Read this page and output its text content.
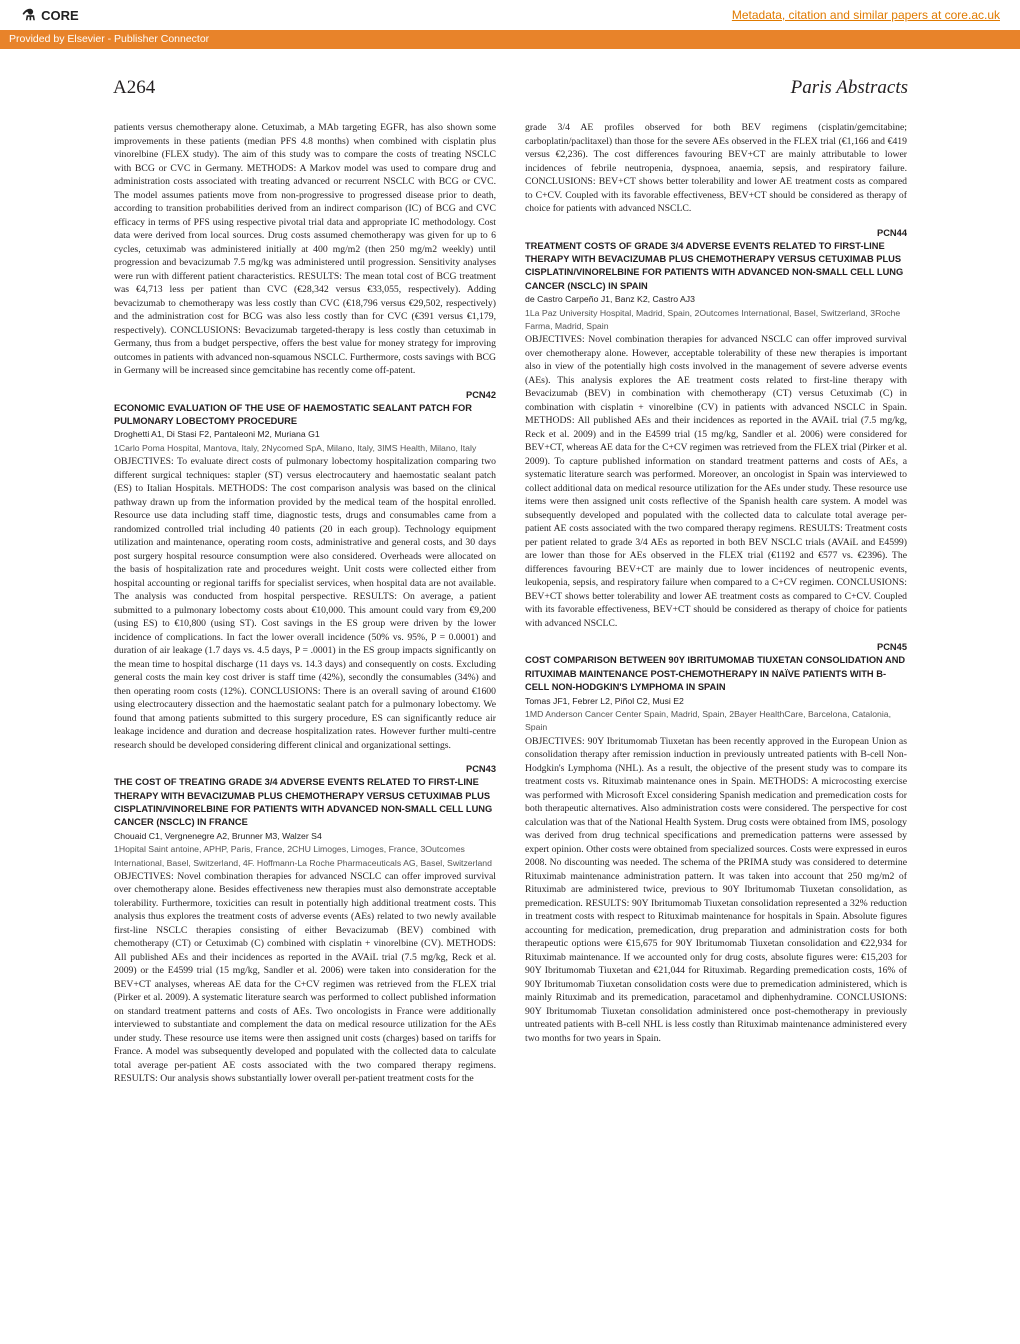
⚗ CORE	Metadata, citation and similar papers at core.ac.uk
Provided by Elsevier - Publisher Connector
A264	Paris Abstracts

patients versus chemotherapy alone. Cetuximab, a MAb targeting EGFR, has also shown some improvements in these patients (median PFS 4.8 months) when combined with cisplatin plus vinorelbine (FLEX study). The aim of this study was to compare the costs of treating NSCLC with BCG or CVC in Germany. METHODS: A Markov model was used to compare drug and administration costs associated with treating advanced or recurrent NSCLC with BCG or CVC. The model assumes patients move from non-progressive to progressed disease prior to death, according to transition probabilities derived from an indirect comparison (IC) of BCG and CVC efficacy in terms of PFS using respective pivotal trial data and appropriate IC methodology. Cost data were derived from local sources. Drug costs assumed chemotherapy was given for up to 6 cycles, cetuximab was administered initially at 400 mg/m2 (then 250 mg/m2 weekly) until progression and bevacizumab 7.5 mg/kg was administered until progression. Sensitivity analyses were run with different patient characteristics. RESULTS: The mean total cost of BCG treatment was €4,713 less per patient than CVC (€28,342 versus €33,055, respectively). Adding bevacizumab to chemotherapy was less costly than CVC (€18,796 versus €29,502, respectively) and the administration cost for BCG was also less costly than for CVC (€391 versus €1,179, respectively). CONCLUSIONS: Bevacizumab targeted-therapy is less costly than cetuximab in Germany, thus from a budget perspective, offers the best value for money strategy for improving outcomes in patients with advanced non-squamous NSCLC. Furthermore, costs savings with BCG in Germany will be increased since gemcitabine has recently come off-patent.

PCN42
ECONOMIC EVALUATION OF THE USE OF HAEMOSTATIC SEALANT PATCH FOR PULMONARY LOBECTOMY PROCEDURE
Droghetti A1, Di Stasi F2, Pantaleoni M2, Muriana G1
1Carlo Poma Hospital, Mantova, Italy, 2Nycomed SpA, Milano, Italy, 3IMS Health, Milano, Italy

OBJECTIVES: To evaluate direct costs of pulmonary lobectomy hospitalization comparing two different surgical techniques: stapler (ST) versus electrocautery and haemostatic sealant patch (ES) to Italian Hospitals. METHODS: The cost comparison analysis was based on the clinical pathway drawn up from the information provided by the medical team of the hospital enrolled. Resource use data including staff time, diagnostic tests, drugs and consumables came from a randomized controlled trial including 40 patients (20 in each group). Technology equipment utilization and maintenance, operating room costs, administrative and general costs, and 30 days post surgery hospital resource consumption were also considered. Overheads were allocated on the basis of hospitalization rate and procedures weight. Unit costs were collected either from hospital accounting or regional tariffs for specialist services, when hospital data are not available. The analysis was conducted from hospital perspective. RESULTS: On average, a patient submitted to a pulmonary lobectomy costs about €10,000. This amount could vary from €9,200 (using ES) to €10,800 (using ST). Cost savings in the ES group were driven by the lower incidence of complications. In fact the lower overall incidence (50% vs. 95%, P = 0.0001) and duration of air leakage (1.7 days vs. 4.5 days, P = .0001) in the ES group impacts significantly on the mean time to hospital discharge (11 days vs. 14.3 days) and consequently on costs. Excluding general costs the main key cost driver is staff time (42%), secondly the consumables (34%) and then operating room costs (12%). CONCLUSIONS: There is an overall saving of around €1600 using electrocautery dissection and the haemostatic sealant patch for a pulmonary lobectomy. We found that among patients submitted to this surgery procedure, ES can significantly reduce air leakage incidence and duration and decrease hospitalization rates. However further multi-centre research should be developed considering different clinical and organizational settings.

PCN43
THE COST OF TREATING GRADE 3/4 ADVERSE EVENTS RELATED TO FIRST-LINE THERAPY WITH BEVACIZUMAB PLUS CHEMOTHERAPY VERSUS CETUXIMAB PLUS CISPLATIN/VINORELBINE FOR PATIENTS WITH ADVANCED NON-SMALL CELL LUNG CANCER (NSCLC) IN FRANCE
Chouaid C1, Vergnenegre A2, Brunner M3, Walzer S4
1Hopital Saint antoine, APHP, Paris, France, 2CHU Limoges, Limoges, France, 3Outcomes International, Basel, Switzerland, 4F. Hoffmann-La Roche Pharmaceuticals AG, Basel, Switzerland

OBJECTIVES: Novel combination therapies for advanced NSCLC can offer improved survival over chemotherapy alone. Besides effectiveness new therapies must also demonstrate acceptable tolerability. Furthermore, toxicities can result in potentially high additional treatment costs. This analysis thus explores the treatment costs of adverse events (AEs) related to two newly available first-line NSCLC therapies consisting of either Bevacizumab (BEV) combined with chemotherapy (CT) or Cetuximab (C) combined with cisplatin + vinorelbine (CV). METHODS: All published AEs and their incidences as reported in the AVAiL trial (7.5 mg/kg, Reck et al. 2009) or the E4599 trial (15 mg/kg, Sandler et al. 2006) were taken into consideration for the BEV+CT analyses, whereas AE data for the C+CV regimen was retrieved from the FLEX trial (Pirker et al. 2009). A systematic literature search was performed to collect published information on standard treatment patterns and costs of AEs. Two oncologists in France were additionally interviewed to substantiate and complement the data on medical resource utilization for the AEs under study. These resource use items were then assigned unit costs (charges) based on tariffs for France. A model was subsequently developed and populated with the collected data to calculate total average per-patient AE costs associated with the two compared therapy regimens. RESULTS: Our analysis shows substantially lower overall per-patient treatment costs for the

grade 3/4 AE profiles observed for both BEV regimens (cisplatin/gemcitabine; carboplatin/paclitaxel) than those for the severe AEs observed in the FLEX trial (€1,166 and €419 versus €2,236). The cost differences favouring BEV+CT are mainly attributable to lower incidences of febrile neutropenia, dyspnoea, anaemia, sepsis, and respiratory failure. CONCLUSIONS: BEV+CT shows better tolerability and lower AE treatment costs as compared to C+CV. Coupled with its favorable effectiveness, BEV+CT should be considered as therapy of choice for patients with advanced NSCLC.

PCN44
TREATMENT COSTS OF GRADE 3/4 ADVERSE EVENTS RELATED TO FIRST-LINE THERAPY WITH BEVACIZUMAB PLUS CHEMOTHERAPY VERSUS CETUXIMAB PLUS CISPLATIN/VINORELBINE FOR PATIENTS WITH ADVANCED NON-SMALL CELL LUNG CANCER (NSCLC) IN SPAIN
de Castro Carpeño J1, Banz K2, Castro AJ3
1La Paz University Hospital, Madrid, Spain, 2Outcomes International, Basel, Switzerland, 3Roche Farma, Madrid, Spain

OBJECTIVES: Novel combination therapies for advanced NSCLC can offer improved survival over chemotherapy alone. However, acceptable tolerability of these new therapies is important also in view of the potentially high costs involved in the management of severe adverse events (AEs). This analysis explores the AE treatment costs related to first-line therapy with Bevacizumab (BEV) in combination with chemotherapy (CT) versus Cetuximab (C) in combination with cisplatin + vinorelbine (CV) in patients with advanced NSCLC in Spain. METHODS: All published AEs and their incidences as reported in the AVAiL trial (7.5 mg/kg, Reck et al. 2009) and in the E4599 trial (15 mg/kg, Sandler et al. 2006) were considered for BEV+CT, whereas AE data for the C+CV regimen was retrieved from the FLEX trial (Pirker et al. 2009). To capture published information on standard treatment patterns and costs of AEs, a systematic literature search was performed. Moreover, an oncologist in Spain was interviewed to collect additional data on medical resource utilization for the AEs under study. These resource use items were then assigned unit costs reflective of the Spanish health care system. A model was subsequently developed and populated with the collected data to calculate total average per-patient AE costs associated with the two compared therapy regimens. RESULTS: Treatment costs per patient related to grade 3/4 AEs as reported in both BEV NSCLC trials (AVAiL and E4599) are lower than those for AEs observed in the FLEX trial (€1192 and €577 vs. €2396). The differences favouring BEV+CT are mainly due to lower incidences of neutropenic events, leukopenia, sepsis, and respiratory failure when compared to a C+CV regimen. CONCLUSIONS: BEV+CT shows better tolerability and lower AE treatment costs as compared to C+CV. Coupled with its favorable effectiveness, BEV+CT should be considered as therapy of choice for patients with advanced NSCLC.

PCN45
COST COMPARISON BETWEEN 90Y IBRITUMOMAB TIUXETAN CONSOLIDATION AND RITUXIMAB MAINTENANCE POST-CHEMOTHERAPY IN NAÏVE PATIENTS WITH B-CELL NON-HODGKIN'S LYMPHOMA IN SPAIN
Tomas JF1, Febrer L2, Piñol C2, Musi E2
1MD Anderson Cancer Center Spain, Madrid, Spain, 2Bayer HealthCare, Barcelona, Catalonia, Spain

OBJECTIVES: 90Y Ibritumomab Tiuxetan has been recently approved in the European Union as consolidation therapy after remission induction in previously untreated patients with B-cell Non-Hodgkin's Lymphoma (NHL). As a result, the objective of the present study was to compare its treatment costs vs. Rituximab maintenance ones in Spain. METHODS: A microcosting exercise was performed with Microsoft Excel considering Spanish medication and premedication costs for both therapeutic alternatives. Also administration costs were considered. The perspective for cost calculation was that of the National Health System. Drug costs were obtained from IMS, posology was derived from drug technical specifications and premedication patterns were assessed by expert opinion. Other costs were obtained from specialized sources. Costs were expressed in euros 2008. No discounting was needed. The schema of the PRIMA study was considered to determine Rituximab maintenance administration pattern. It was taken into account that 250 mg/m2 of Rituximab are administered twice, previous to 90Y Ibritumomab Tiuxetan consolidation, as premedication. RESULTS: 90Y Ibritumomab Tiuxetan consolidation represented a 32% reduction in treatment costs with respect to Rituximab maintenance for hospitals in Spain. Absolute figures accounting for medication, premedication, drug preparation and administration costs for both therapeutic options were €15,675 for 90Y Ibritumomab Tiuxetan consolidation and €22,934 for Rituximab maintenance. If we accounted only for drug costs, absolute figures were: €15,203 for 90Y Ibritumomab Tiuxetan and €21,044 for Rituximab. Regarding premedication costs, 16% of 90Y Ibritumomab Tiuxetan consolidation costs were due to premedication administered, which is mainly Rituximab and its premedication, paracetamol and diphenhydramine. CONCLUSIONS: 90Y Ibritumomab Tiuxetan consolidation administered once post-chemotherapy in previously untreated patients with B-cell NHL is less costly than Rituximab maintenance administered every two months for two years in Spain.
